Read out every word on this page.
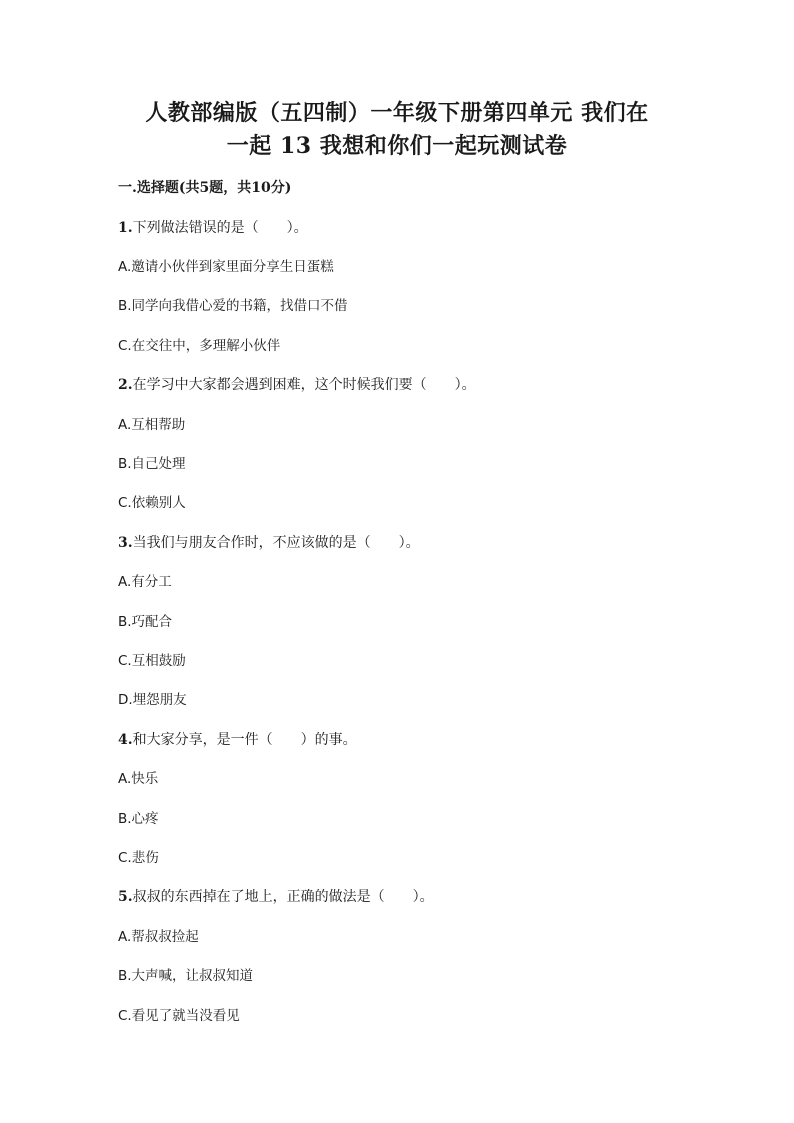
人教部编版（五四制）一年级下册第四单元 我们在
一起 13 我想和你们一起玩测试卷
一.选择题(共5题，共10分)
1.下列做法错误的是（　　）。
A.邀请小伙伴到家里面分享生日蛋糕
B.同学向我借心爱的书籍，找借口不借
C.在交往中，多理解小伙伴
2.在学习中大家都会遇到困难，这个时候我们要（　　）。
A.互相帮助
B.自己处理
C.依赖别人
3.当我们与朋友合作时，不应该做的是（　　）。
A.有分工
B.巧配合
C.互相鼓励
D.埋怨朋友
4.和大家分享，是一件（　　）的事。
A.快乐
B.心疼
C.悲伤
5.叔叔的东西掉在了地上，正确的做法是（　　）。
A.帮叔叔捡起
B.大声喊，让叔叔知道
C.看见了就当没看见
